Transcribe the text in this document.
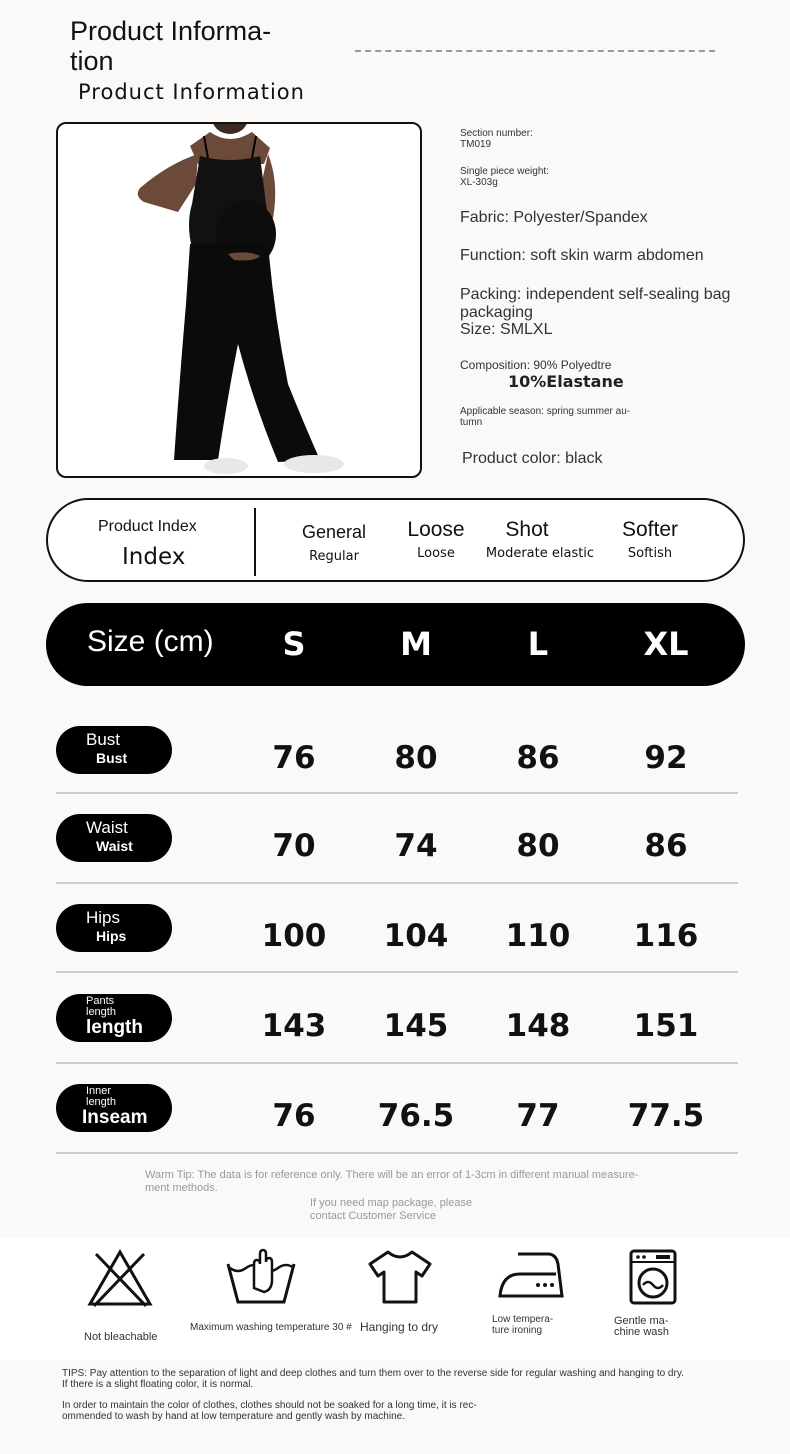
Product Informa- tion
Product Information
Section number:
TM019
Single piece weight:
XL-303g
Fabric: Polyester/Spandex
Function: soft skin warm abdomen
Packing: independent self-sealing bag packaging
Size: SMLXL
Composition: 90% Polyedtre
10%Elastane
Applicable season: spring summer au-
tumn
Product color: black
Product Index
Index
General
Regular
Loose
Loose
Shot
Moderate elastic
Softer
Softish
Size (cm) S	M	L	XL
Bust
Bust	76	80	86	92
Waist
Waist	70	74	80	86
Hips
Hips	100 104 110 116
Pants length
length	143 145 148 151
Inner length
Inseam	76 76.5 77 77.5
Warm Tip: The data is for reference only. There will be an error of 1-3cm in different manual measure-
ment methods.
If you need map package, please
contact Customer Service
Not bleachable
Maximum washing temperature 30 # Hanging to dry
Low tempera- ture ironing
Gentle ma- chine wash
TIPS: Pay attention to the separation of light and deep clothes and turn them over to the reverse side for regular washing and hanging to dry.
If there is a slight floating color, it is normal.
In order to maintain the color of clothes, clothes should not be soaked for a long time, it is rec-
ommended to wash by hand at low temperature and gently wash by machine.
